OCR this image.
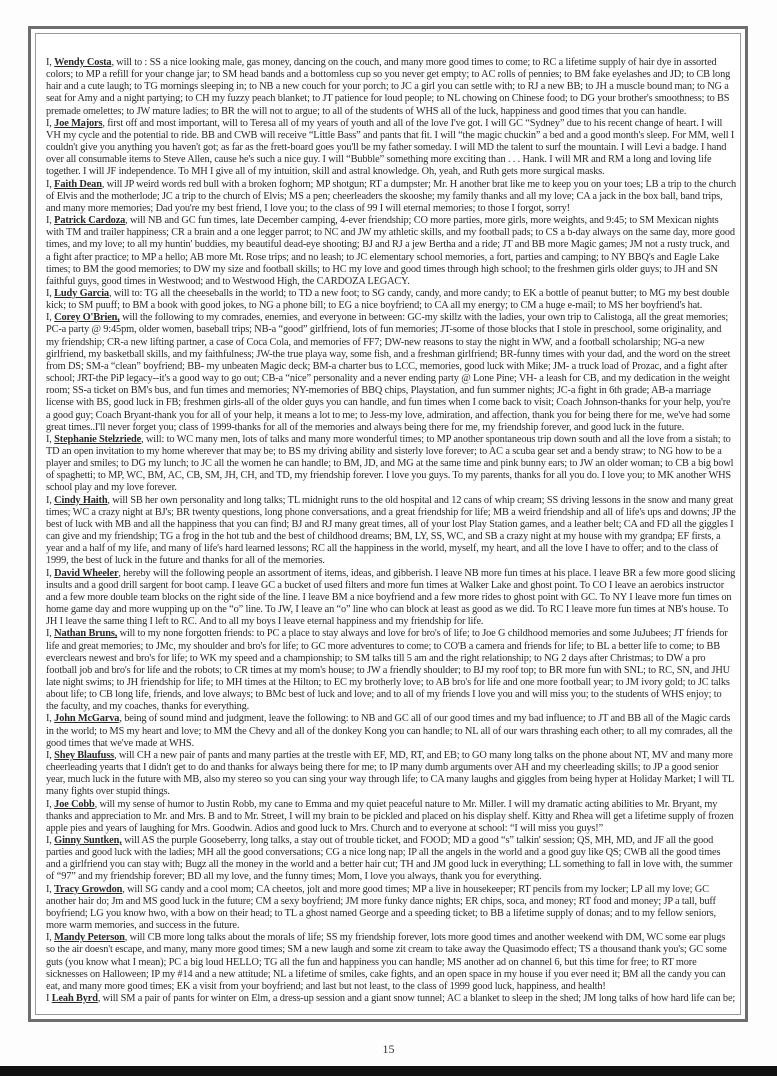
I, Wendy Costa, will to : SS a nice looking male, gas money, dancing on the couch, and many more good times to come; to RC a lifetime supply of hair dye in assorted colors; to MP a refill for your change jar; to SM head bands and a bottomless cup so you never get empty; to AC rolls of pennies; to BM fake eyelashes and JD; to CB long hair and a cute laugh; to TG mornings sleeping in; to NB a new couch for your porch; to JC a girl you can settle with; to RJ a new BB; to JH a muscle bound man; to NG a seat for Amy and a night partying; to CH my fuzzy peach blanket; to JT patience for loud people; to NL chowing on Chinese food; to DG your brother's smoothness; to BS premade omelettes; to JW mature ladies; to BR the will not to argue; to all of the students of WHS all of the luck, happiness and good times that you can handle.

I, Joe Majors, first off and most important, will to Teresa all of my years of youth and all of the love I've got. I will GC “Sydney” due to his recent change of heart. I will VH my cycle and the potential to ride. BB and CWB will receive “Little Bass” and pants that fit. I will “the magic chuckin” a bed and a good month's sleep. For MM, well I couldn't give you anything you haven't got; as far as the frett-board goes you'll be my father someday. I will MD the talent to surf the mountain. I will Levi a badge. I hand over all consumable items to Steve Allen, cause he's such a nice guy. I will “Bubble” something more exciting than . . . Hank. I will MR and RM a long and loving life together. I will JF independence. To MH I give all of my intuition, skill and astral knowledge. Oh, yeah, and Ruth gets more surgical masks.

I, Faith Dean, will JP weird words red bull with a broken foghorn; MP shotgun; RT a dumpster; Mr. H another brat like me to keep you on your toes; LB a trip to the church of Elvis and the motherlode; JC a trip to the church of Elvis; MS a pen; cheerleaders the skooshe; my family thanks and all my love; CA a jack in the box ball, band trips, and many more memories; Dad you're my best friend, I love you; to the class of 99 I will eternal memories; to those I forgot, sorry!

I, Patrick Cardoza, will NB and GC fun times, late December camping, 4-ever friendship; CO more parties, more girls, more weights, and 9:45; to SM Mexican nights with TM and trailer happiness; CR a brain and a one legger parrot; to NC and JW my athletic skills, and my football pads; to CS a b-day always on the same day, more good times, and my love; to all my huntin' buddies, my beautiful dead-eye shooting; BJ and RJ a jew Bertha and a ride; JT and BB more Magic games; JM not a rusty truck, and a fight after practice; to MP a hello; AB more Mt. Rose trips; and no leash; to JC elementary school memories, a fort, parties and camping; to NY BBQ's and Eagle Lake times; to BM the good memories; to DW my size and football skills; to HC my love and good times through high school; to the freshmen girls older guys; to JH and SN faithful guys, good times in Westwood; and to Westwood High, the CARDOZA LEGACY.

I, Ludy Garcia, will to: TG all the cheeseballs in the world; to TD a new foot; to SG candy, candy, and more candy; to EK a bottle of peanut butter; to MG my best double kick; to SM puuff; to BM a book with good jokes, to NG a phone bill; to EG a nice boyfriend; to CA all my energy; to CM a huge e-mail; to MS her boyfriend's hat.

I, Corey O'Brien, will the following to my comrades, enemies, and everyone in between: GC-my skillz with the ladies, your own trip to Calistoga, all the great memories; PC-a party @ 9:45pm, older women, baseball trips; NB-a “good” girlfriend, lots of fun memories; JT-some of those blocks that I stole in preschool, some originality, and my friendship; CR-a new lifting partner, a case of Coca Cola, and memories of FF7; DW-new reasons to stay the night in WW, and a football scholarship; NG-a new girlfriend, my basketball skills, and my faithfulness; JW-the true playa way, some fish, and a freshman girlfriend; BR-funny times with your dad, and the word on the street from DS; SM-a “clean” boyfriend; BB- my unbeaten Magic deck; BM-a charter bus to LCC, memories, good luck with Mike; JM- a truck load of Prozac, and a fight after school; JRT-the PiP legacy--it's a good way to go out; CB-a “nice” personality and a never ending party @ Lone Pine; VH- a leash for CB, and my dedication in the weight room; SS-a ticket on BM's bus, and fun times and memories; NY-memories of BBQ chips, Playstation, and fun summer nights; JC-a fight in 6th grade; AB-a marriage license with BS, good luck in FB; freshmen girls-all of the older guys you can handle, and fun times when I come back to visit; Coach Johnson-thanks for your help, you're a good guy; Coach Bryant-thank you for all of your help, it means a lot to me; to Jess-my love, admiration, and affection, thank you for being there for me, we've had some great times..I'll never forget you; class of 1999-thanks for all of the memories and always being there for me, my friendship forever, and good luck in the future.

I, Stephanie Stelzriede, will: to WC many men, lots of talks and many more wonderful times; to MP another spontaneous trip down south and all the love from a sistah; to TD an open invitation to my home wherever that may be; to BS my driving ability and sisterly love forever; to AC a scuba gear set and a bendy straw; to NG how to be a player and smiles; to DG my lunch; to JC all the women he can handle; to BM, JD, and MG at the same time and pink bunny ears; to JW an older woman; to CB a big bowl of spaghetti; to MP, WC, BM, AC, CB, SM, JH, CH, and TD, my friendship forever. I love you guys. To my parents, thanks for all you do. I love you; to MK another WHS school play and my love forever.

I, Cindy Haith, will SB her own personality and long talks; TL midnight runs to the old hospital and 12 cans of whip cream; SS driving lessons in the snow and many great times; WC a crazy night at BJ's; BR twenty questions, long phone conversations, and a great friendship for life; MB a weird friendship and all of life's ups and downs; JP the best of luck with MB and all the happiness that you can find; BJ and RJ many great times, all of your lost Play Station games, and a leather belt; CA and FD all the giggles I can give and my friendship; TG a frog in the hot tub and the best of childhood dreams; BM, LY, SS, WC, and SB a crazy night at my house with my grandpa; EF firsts, a year and a half of my life, and many of life's hard learned lessons; RC all the happiness in the world, myself, my heart, and all the love I have to offer; and to the class of 1999, the best of luck in the future and thanks for all of the memories.

I, David Wheeler, hereby will the following people an assortment of items, ideas, and gibberish. I leave NB more fun times at his place. I leave BR a few more good slicing insults and a good drill sargent for boot camp. I leave GC a bucket of used filters and more fun times at Walker Lake and ghost point. To CO I leave an aerobics instructor and a few more double team blocks on the right side of the line. I leave BM a nice boyfriend and a few more rides to ghost point with GC. To NY I leave more fun times on home game day and more wupping up on the “o” line. To JW, I leave an “o” line who can block at least as good as we did. To RC I leave more fun times at NB's house. To JH I leave the same thing I left to RC. And to all my boys I leave eternal happiness and my friendship for life.

I, Nathan Bruns, will to my none forgotten friends: to PC a place to stay always and love for bro's of life; to Joe G childhood memories and some JuJubees; JT friends for life and great memories; to JMc, my shoulder and bro's for life; to GC more adventures to come; to CO'B a camera and friends for life; to BL a better life to come; to BB everclears newest and bro's for life; to WK my speed and a championship; to SM talks till 5 am and the right relationship; to NG 2 days after Christmas; to DW a pro football job and bro's for life and the robots; to CR times at my mom's house; to JW a friendly shoulder; to BJ my roof top; to BR more fun with SNL; to RC, SN, and JHU late night swims; to JH friendship for life; to MH times at the Hilton; to EC my brotherly love; to AB bro's for life and one more football year; to JM ivory gold; to JC talks about life; to CB long life, friends, and love always; to BMc best of luck and love; and to all of my friends I love you and will miss you; to the students of WHS enjoy; to the faculty, and my coaches, thanks for everything.

I, John McGarva, being of sound mind and judgment, leave the following: to NB and GC all of our good times and my bad influence; to JT and BB all of the Magic cards in the world; to MS my heart and love; to MM the Chevy and all of the donkey Kong you can handle; to NL all of our wars thrashing each other; to all my comrades, all the good times that we've made at WHS.

I, Shey Blaufuss, will CH a new pair of pants and many parties at the trestle with EF, MD, RT, and EB; to GO many long talks on the phone about NT, MV and many more cheerleading yearts that I didn't get to do and thanks for always being there for me; to IP many dumb arguments over AH and my cheerleading skills; to JP a good senior year, much luck in the future with MB, also my stereo so you can sing your way through life; to CA many laughs and giggles from being hyper at Holiday Market; I will TL many fights over stupid things.

I, Joe Cobb, will my sense of humor to Justin Robb, my cane to Emma and my quiet peaceful nature to Mr. Miller. I will my dramatic acting abilities to Mr. Bryant, my thanks and appreciation to Mr. and Mrs. B and to Mr. Street, I will my brain to be pickled and placed on his display shelf. Kitty and Rhea will get a lifetime supply of frozen apple pies and years of laughing for Mrs. Goodwin. Adios and good luck to Mrs. Church and to everyone at school: “I will miss you guys!”

I, Ginny Suntken, will AS the purple Gooseberry, long talks, a stay out of trouble ticket, and FOOD; MD a good “s” talkin' session; QS, MH, MD, and JF all the good parties and good luck with the ladies; MH all the good conversations; CG a nice long nap; IP all the angels in the world and a good guy like QS; CWB all the good times and a girlfriend you can stay with; Bugz all the money in the world and a better hair cut; TH and JM good luck in everything; LL something to fall in love with, the summer of “97” and my friendship forever; BD all my love, and the funny times; Mom, I love you always, thank you for everything.

I, Tracy Growdon, will SG candy and a cool mom; CA cheetos, jolt and more good times; MP a live in housekeeper; RT pencils from my locker; LP all my love; GC another hair do; Jm and MS good luck in the future; CM a sexy boyfriend; JM more funky dance nights; ER chips, soca, and money; RT food and money; JP a tall, buff boyfriend; LG you know hwo, with a bow on their head; to TL a ghost named George and a speeding ticket; to BB a lifetime supply of donas; and to my fellow seniors, more warm memories, and success in the future.

I, Mandy Peterson, will CB more long talks about the morals of life; SS my friendship forever, lots more good times and another weekend with DM, WC some ear plugs so the air doesn't escape, and many, many more good times; SM a new laugh and some zit cream to take away the Quasimodo effect; TS a thousand thank you's; GC some guts (you know what I mean); PC a big loud HELLO; TG all the fun and happiness you can handle; MS another ad on channel 6, but this time for free; to RT more sicknesses on Halloween; IP my #14 and a new attitude; NL a lifetime of smiles, cake fights, and an open space in my house if you ever need it; BM all the candy you can eat, and many more good times; EK a visit from your boyfriend; and last but not least, to the class of 1999 good luck, happiness, and health!

I Leah Byrd, will SM a pair of pants for winter on Elm, a dress-up session and a giant snow tunnel; AC a blanket to sleep in the shed; JM long talks of how hard life can be;

15
